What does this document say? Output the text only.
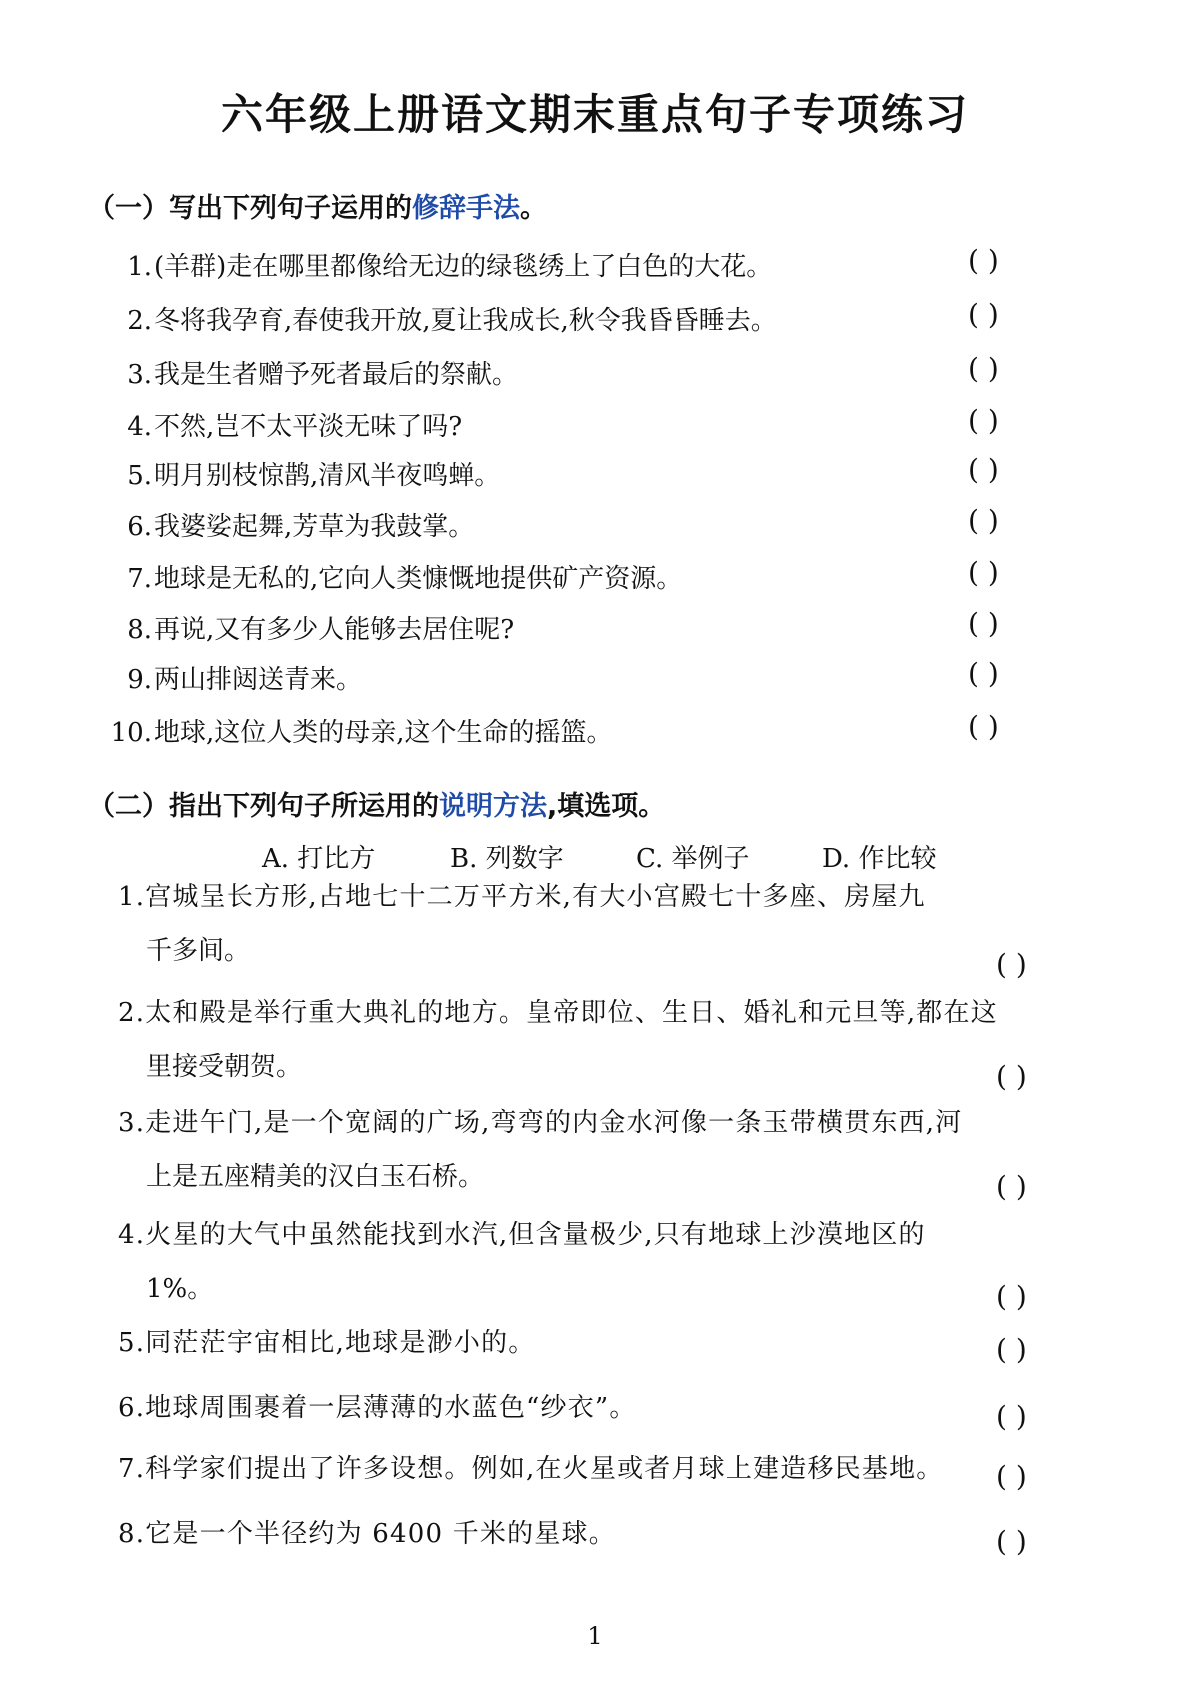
六年级上册语文期末重点句子专项练习
（一）写出下列句子运用的修辞手法。
1.(羊群)走在哪里都像给无边的绿毯绣上了白色的大花。	( )
2.冬将我孕育,春使我开放,夏让我成长,秋令我昏昏睡去。	( )
3.我是生者赠予死者最后的祭献。	( )
4.不然,岂不太平淡无味了吗?	( )
5.明月别枝惊鹊,清风半夜鸣蝉。	( )
6.我婆娑起舞,芳草为我鼓掌。	( )
7.地球是无私的,它向人类慷慨地提供矿产资源。	( )
8.再说,又有多少人能够去居住呢?	( )
9.两山排闼送青来。	( )
10.地球,这位人类的母亲,这个生命的摇篮。	( )
（二）指出下列句子所运用的说明方法,填选项。
A. 打比方	B. 列数字	C. 举例子	D. 作比较
1.宫城呈长方形,占地七十二万平方米,有大小宫殿七十多座、房屋九
千多间。	( )
2.太和殿是举行重大典礼的地方。皇帝即位、生日、婚礼和元旦等,都在这
里接受朝贺。	( )
3.走进午门,是一个宽阔的广场,弯弯的内金水河像一条玉带横贯东西,河
上是五座精美的汉白玉石桥。	( )
4.火星的大气中虽然能找到水汽,但含量极少,只有地球上沙漠地区的
1%。	( )
5.同茫茫宇宙相比,地球是渺小的。	( )
6.地球周围裹着一层薄薄的水蓝色“纱衣”。	( )
7.科学家们提出了许多设想。例如,在火星或者月球上建造移民基地。	( )
8.它是一个半径约为 6400 千米的星球。	( )
1
